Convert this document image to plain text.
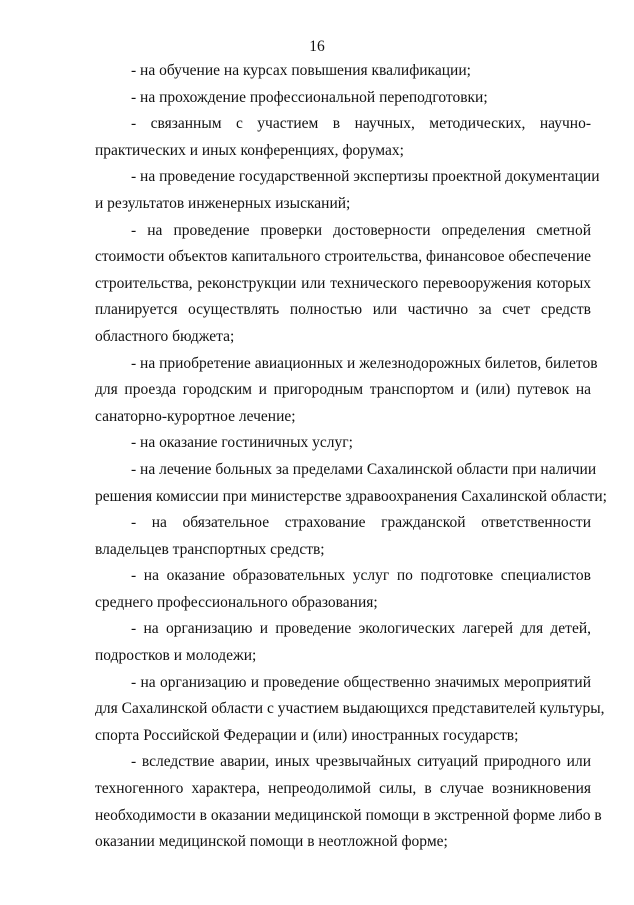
16
- на обучение на курсах повышения квалификации;
- на прохождение профессиональной переподготовки;
- связанным с участием в научных, методических, научно-
практических и иных конференциях, форумах;
- на проведение государственной экспертизы проектной документации
и результатов инженерных изысканий;
- на проведение проверки достоверности определения сметной
стоимости объектов капитального строительства, финансовое обеспечение
строительства, реконструкции или технического перевооружения которых
планируется осуществлять полностью или частично за счет средств
областного бюджета;
- на приобретение авиационных и железнодорожных билетов, билетов
для проезда городским и пригородным транспортом и (или) путевок на
санаторно-курортное лечение;
- на оказание гостиничных услуг;
- на лечение больных за пределами Сахалинской области при наличии
решения комиссии при министерстве здравоохранения Сахалинской области;
- на обязательное страхование гражданской ответственности
владельцев транспортных средств;
- на оказание образовательных услуг по подготовке специалистов
среднего профессионального образования;
- на организацию и проведение экологических лагерей для детей,
подростков и молодежи;
- на организацию и проведение общественно значимых мероприятий
для Сахалинской области с участием выдающихся представителей культуры,
спорта Российской Федерации и (или) иностранных государств;
- вследствие аварии, иных чрезвычайных ситуаций природного или
техногенного характера, непреодолимой силы, в случае возникновения
необходимости в оказании медицинской помощи в экстренной форме либо в
оказании медицинской помощи в неотложной форме;
